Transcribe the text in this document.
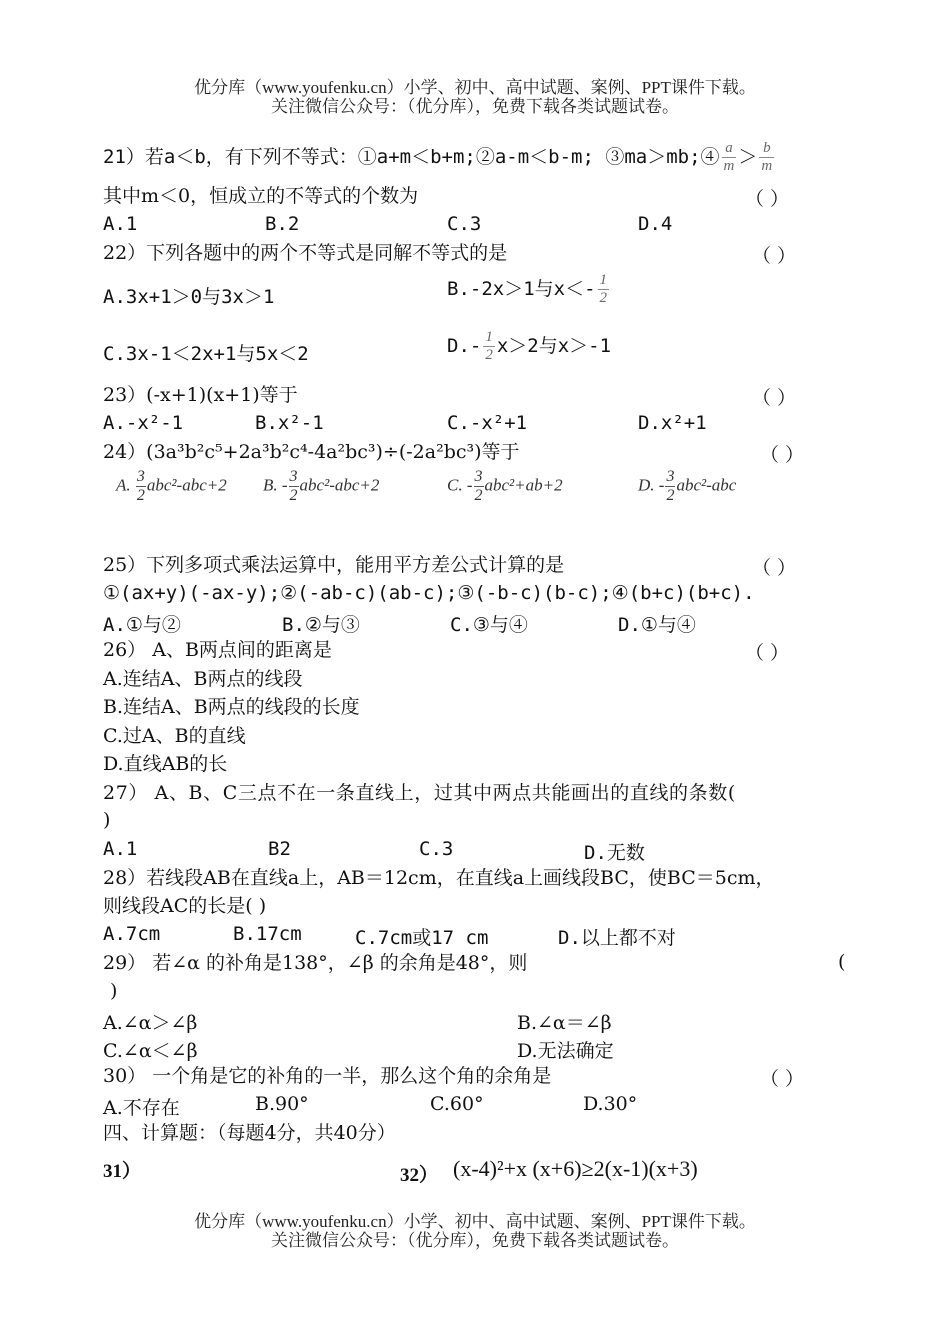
优分库（www.youfenku.cn）小学、初中、高中试题、案例、PPT课件下载。
关注微信公众号：（优分库），免费下载各类试题试卷。
21）若a＜b，有下列不等式：①a+m＜b+m;②a-m＜b-m; ③ma＞mb;④ $\frac{a}{m} > \frac{b}{m}$
其中m＜0，恒成立的不等式的个数为	（ ）
A.1	B.2	C.3	D.4
22）下列各题中的两个不等式是同解不等式的是	（ ）
A.3x+1＞0与3x＞1	B.-2x＞1与$x<- \frac{1}{2}$
C.3x-1＜2x+1与5x＜2	$D.- \frac{1}{2} x>2$与x＞-1
23）(-x+1)(x+1)等于	（ ）
A.-x²-1	B.x²-1	C.-x²+1	D.x²+1
24）(3a³b²c⁵+2a³b²c⁴-4a²bc³)÷(-2a²bc³)等于	（ ）
A. $\frac{3}{2} abc^2-abc+2$ B. - $\frac{3}{2} abc^2-abc+2$	C. - $\frac{3}{2} abc^2+ab+2$	D. - $\frac{3}{2} abc^2-abc$
25）下列多项式乘法运算中，能用平方差公式计算的是	（ ）
①(ax+y)(-ax-y);②(-ab-c)(ab-c);③(-b-c)(b-c);④(b+c)(b+c).
A.①与②	B.②与③	C.③与④	D.①与④
26） A、B两点间的距离是	（ ）
A.连结A、B两点的线段
B.连结A、B两点的线段的长度
C.过A、B的直线
D.直线AB的长
27） A、B、C三点不在一条直线上，过其中两点共能画出的直线的条数(
)
A.1	B2	C.3	D.无数
28）若线段AB在直线a上，AB＝12cm，在直线a上画线段BC，使BC＝5cm，
则线段AC的长是( )
A.7cm	B.17cm	C.7cm或17 cm	D.以上都不对
29） 若∠α 的补角是138°，∠β 的余角是48°，则	(
)
A.∠α＞∠β	B.∠α＝∠β
C.∠α＜∠β	D.无法确定
30） 一个角是它的补角的一半，那么这个角的余角是	（ ）
A.不存在	B.90°	C.60°	D.30°
四、计算题：（每题4分，共40分）
31）	32） (x-4)²+x (x+6)≥2(x-1)(x+3)
优分库（www.youfenku.cn）小学、初中、高中试题、案例、PPT课件下载。
关注微信公众号：（优分库），免费下载各类试题试卷。
